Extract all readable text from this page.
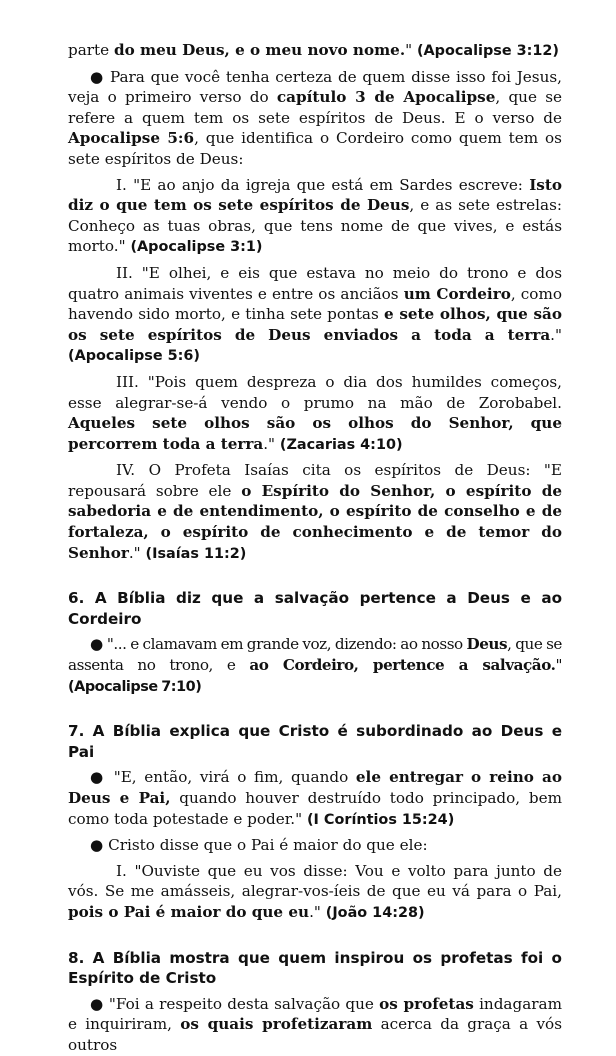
parte do meu Deus, e o meu novo nome." (Apocalipse 3:12)

● Para que você tenha certeza de quem disse isso foi Jesus, veja o primeiro verso do capítulo 3 de Apocalipse, que se refere a quem tem os sete espíritos de Deus. E o verso de Apocalipse 5:6, que identifica o Cordeiro como quem tem os sete espíritos de Deus:

I. "E ao anjo da igreja que está em Sardes escreve: Isto diz o que tem os sete espíritos de Deus, e as sete estrelas: Conheço as tuas obras, que tens nome de que vives, e estás morto." (Apocalipse 3:1)

II. "E olhei, e eis que estava no meio do trono e dos quatro animais viventes e entre os anciãos um Cordeiro, como havendo sido morto, e tinha sete pontas e sete olhos, que são os sete espíritos de Deus enviados a toda a terra." (Apocalipse 5:6)

III. "Pois quem despreza o dia dos humildes começos, esse alegrar-se-á vendo o prumo na mão de Zorobabel. Aqueles sete olhos são os olhos do Senhor, que percorrem toda a terra." (Zacarias 4:10)

IV. O Profeta Isaías cita os espíritos de Deus: "E repousará sobre ele o Espírito do Senhor, o espírito de sabedoria e de entendimento, o espírito de conselho e de fortaleza, o espírito de conhecimento e de temor do Senhor." (Isaías 11:2)

6. A Bíblia diz que a salvação pertence a Deus e ao Cordeiro

● "... e clamavam em grande voz, dizendo: ao nosso Deus, que se assenta no trono, e ao Cordeiro, pertence a salvação." (Apocalipse 7:10)

7. A Bíblia explica que Cristo é subordinado ao Deus e Pai

● "E, então, virá o fim, quando ele entregar o reino ao Deus e Pai, quando houver destruído todo principado, bem como toda potestade e poder." (I Coríntios 15:24)

● Cristo disse que o Pai é maior do que ele:

I. "Ouviste que eu vos disse: Vou e volto para junto de vós. Se me amásseis, alegrar-vos-íeis de que eu vá para o Pai, pois o Pai é maior do que eu." (João 14:28)

8. A Bíblia mostra que quem inspirou os profetas foi o Espírito de Cristo

● "Foi a respeito desta salvação que os profetas indagaram e inquiriram, os quais profetizaram acerca da graça a vós outros
